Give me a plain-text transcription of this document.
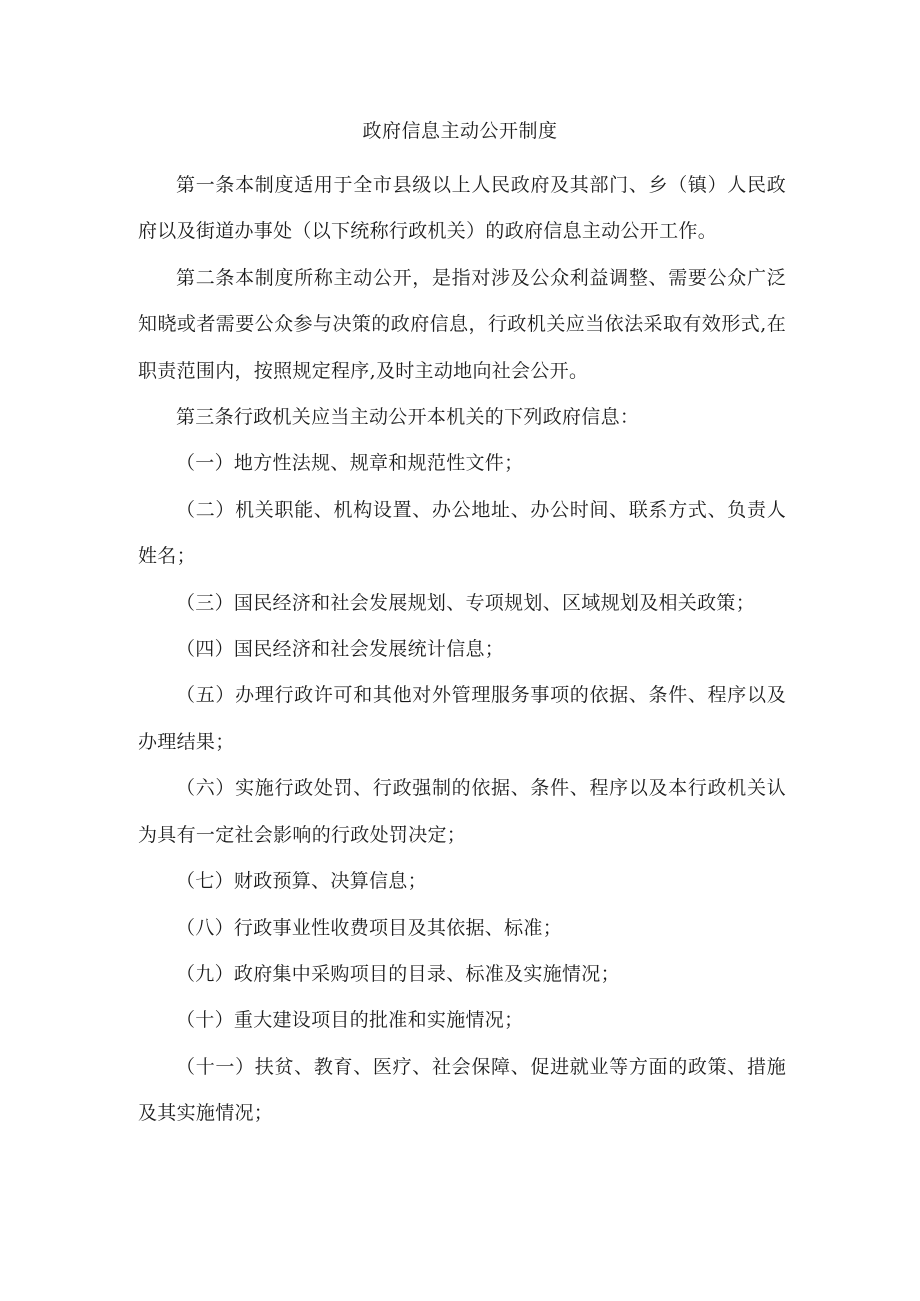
政府信息主动公开制度

第一条本制度适用于全市县级以上人民政府及其部门、乡（镇）人民政府以及街道办事处（以下统称行政机关）的政府信息主动公开工作。

第二条本制度所称主动公开，是指对涉及公众利益调整、需要公众广泛知晓或者需要公众参与决策的政府信息，行政机关应当依法采取有效形式,在职责范围内，按照规定程序,及时主动地向社会公开。

第三条行政机关应当主动公开本机关的下列政府信息：

（一）地方性法规、规章和规范性文件；

（二）机关职能、机构设置、办公地址、办公时间、联系方式、负责人姓名；

（三）国民经济和社会发展规划、专项规划、区域规划及相关政策；

（四）国民经济和社会发展统计信息；

（五）办理行政许可和其他对外管理服务事项的依据、条件、程序以及办理结果；

（六）实施行政处罚、行政强制的依据、条件、程序以及本行政机关认为具有一定社会影响的行政处罚决定；

（七）财政预算、决算信息；

（八）行政事业性收费项目及其依据、标准；

（九）政府集中采购项目的目录、标准及实施情况；

（十）重大建设项目的批准和实施情况；

（十一）扶贫、教育、医疗、社会保障、促进就业等方面的政策、措施及其实施情况；
